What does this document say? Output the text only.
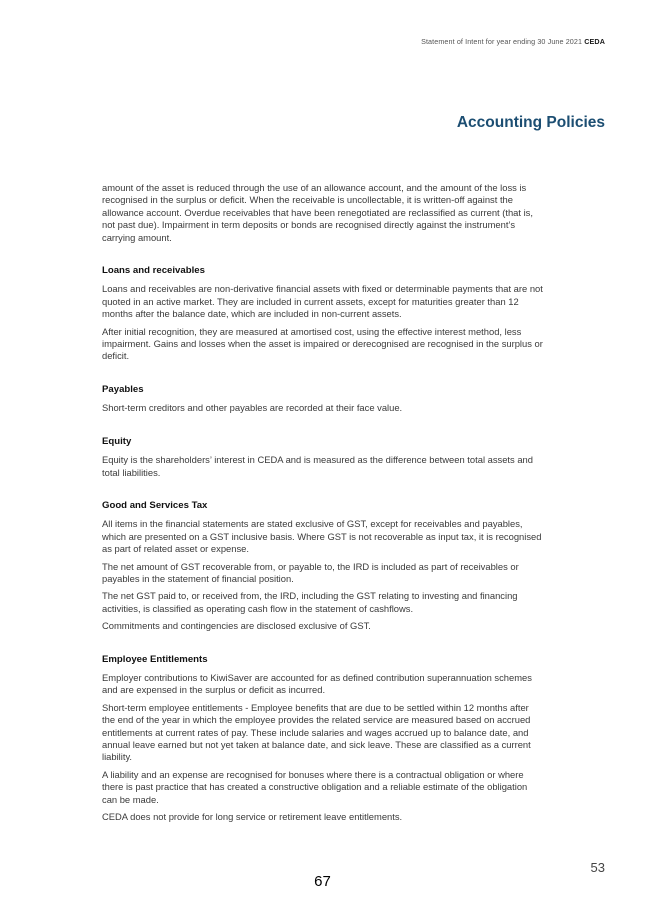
Statement of Intent for year ending 30 June 2021 CEDA
Accounting Policies

amount of the asset is reduced through the use of an allowance account, and the amount of the loss is recognised in the surplus or deficit. When the receivable is uncollectable, it is written-off against the allowance account. Overdue receivables that have been renegotiated are reclassified as current (that is, not past due). Impairment in term deposits or bonds are recognised directly against the instrument’s carrying amount.

Loans and receivables

Loans and receivables are non-derivative financial assets with fixed or determinable payments that are not quoted in an active market. They are included in current assets, except for maturities greater than 12 months after the balance date, which are included in non-current assets.

After initial recognition, they are measured at amortised cost, using the effective interest method, less impairment. Gains and losses when the asset is impaired or derecognised are recognised in the surplus or deficit.

Payables

Short-term creditors and other payables are recorded at their face value.

Equity

Equity is the shareholders’ interest in CEDA and is measured as the difference between total assets and total liabilities.

Good and Services Tax

All items in the financial statements are stated exclusive of GST, except for receivables and payables, which are presented on a GST inclusive basis. Where GST is not recoverable as input tax, it is recognised as part of related asset or expense.

The net amount of GST recoverable from, or payable to, the IRD is included as part of receivables or payables in the statement of financial position.

The net GST paid to, or received from, the IRD, including the GST relating to investing and financing activities, is classified as operating cash flow in the statement of cashflows.

Commitments and contingencies are disclosed exclusive of GST.

Employee Entitlements

Employer contributions to KiwiSaver are accounted for as defined contribution superannuation schemes and are expensed in the surplus or deficit as incurred.

Short-term employee entitlements - Employee benefits that are due to be settled within 12 months after the end of the year in which the employee provides the related service are measured based on accrued entitlements at current rates of pay. These include salaries and wages accrued up to balance date, and annual leave earned but not yet taken at balance date, and sick leave. These are classified as a current liability.

A liability and an expense are recognised for bonuses where there is a contractual obligation or where there is past practice that has created a constructive obligation and a reliable estimate of the obligation can be made.

CEDA does not provide for long service or retirement leave entitlements.

53
67
